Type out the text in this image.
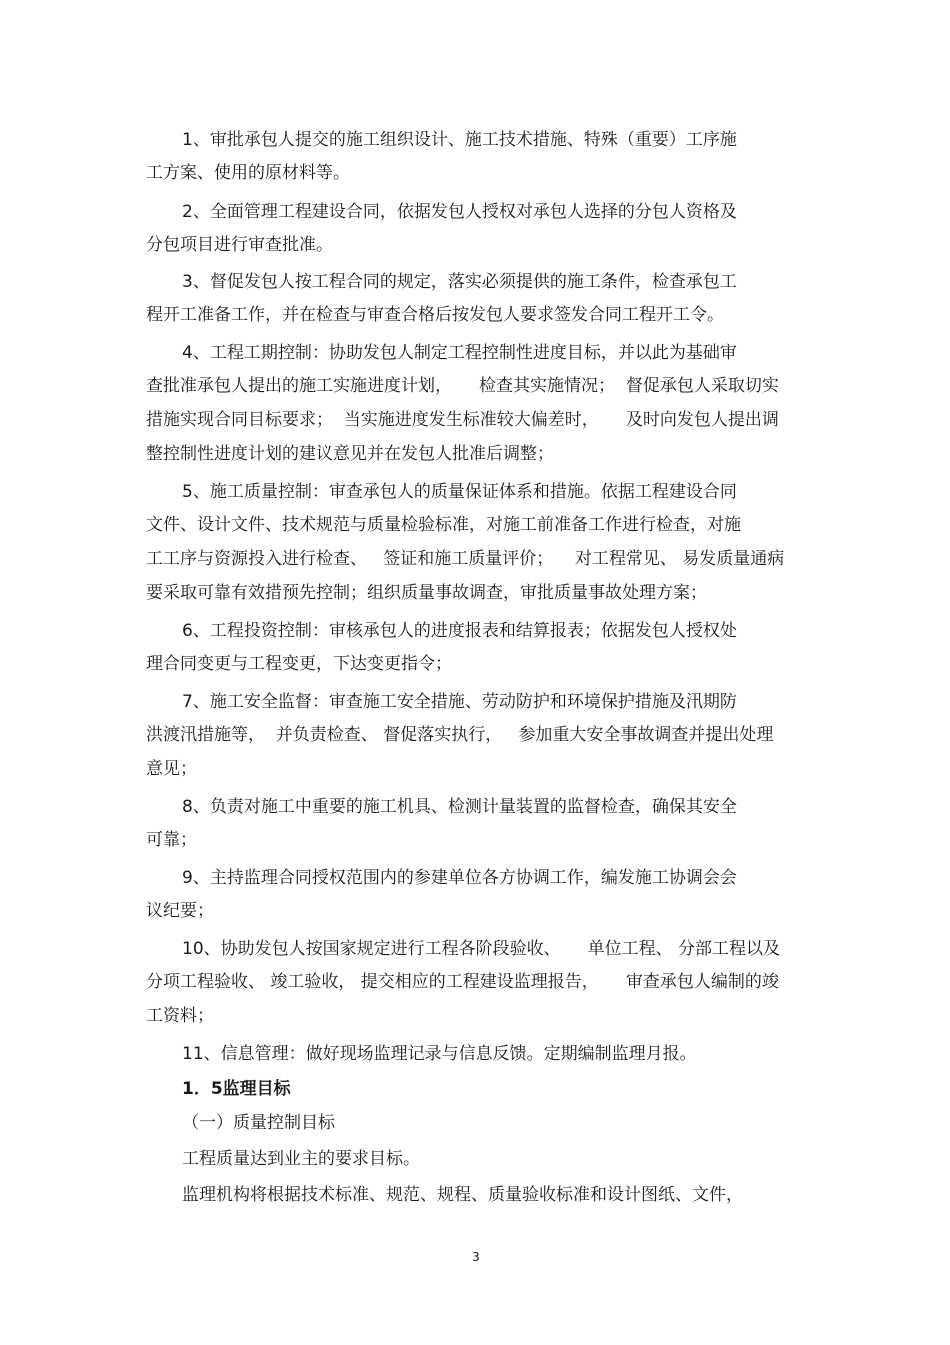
1、审批承包人提交的施工组织设计、施工技术措施、特殊（重要）工序施
工方案、使用的原材料等。
2、全面管理工程建设合同，依据发包人授权对承包人选择的分包人资格及
分包项目进行审查批准。
3、督促发包人按工程合同的规定，落实必须提供的施工条件，检查承包工
程开工准备工作，并在检查与审查合格后按发包人要求签发合同工程开工令。
4、工程工期控制：协助发包人制定工程控制性进度目标，并以此为基础审
查批准承包人提出的施工实施进度计划，     检查其实施情况；  督促承包人采取切实
措施实现合同目标要求；  当实施进度发生标准较大偏差时，     及时向发包人提出调
整控制性进度计划的建议意见并在发包人批准后调整；
5、施工质量控制：审查承包人的质量保证体系和措施。依据工程建设合同
文件、设计文件、技术规范与质量检验标准，对施工前准备工作进行检查，对施
工工序与资源投入进行检查、   签证和施工质量评价；    对工程常见、 易发质量通病
要采取可靠有效措预先控制；组织质量事故调查，审批质量事故处理方案；
6、工程投资控制：审核承包人的进度报表和结算报表；依据发包人授权处
理合同变更与工程变更，下达变更指令；
7、施工安全监督：审查施工安全措施、劳动防护和环境保护措施及汛期防
洪渡汛措施等，  并负责检查、 督促落实执行，   参加重大安全事故调查并提出处理
意见；
8、负责对施工中重要的施工机具、检测计量装置的监督检查，确保其安全
可靠；
9、主持监理合同授权范围内的参建单位各方协调工作，编发施工协调会会
议纪要；
10、协助发包人按国家规定进行工程各阶段验收、     单位工程、 分部工程以及
分项工程验收、 竣工验收， 提交相应的工程建设监理报告，     审查承包人编制的竣
工资料；
11、信息管理：做好现场监理记录与信息反馈。定期编制监理月报。
1．5监理目标
（一）质量控制目标
工程质量达到业主的要求目标。
监理机构将根据技术标准、规范、规程、质量验收标准和设计图纸、文件，
3
